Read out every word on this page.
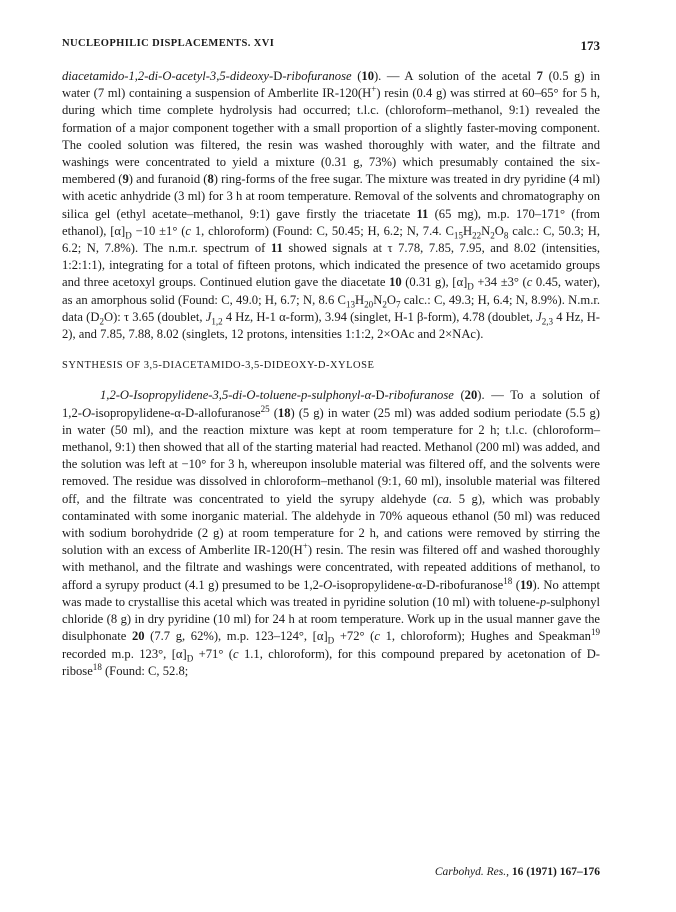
NUCLEOPHILIC DISPLACEMENTS. XVI	173

diacetamido-1,2-di-O-acetyl-3,5-dideoxy-D-ribofuranose (10). — A solution of the acetal 7 (0.5 g) in water (7 ml) containing a suspension of Amberlite IR-120(H+) resin (0.4 g) was stirred at 60–65° for 5 h, during which time complete hydrolysis had occurred; t.l.c. (chloroform–methanol, 9:1) revealed the formation of a major component together with a small proportion of a slightly faster-moving component. The cooled solution was filtered, the resin was washed thoroughly with water, and the filtrate and washings were concentrated to yield a mixture (0.31 g, 73%) which presumably contained the six-membered (9) and furanoid (8) ring-forms of the free sugar. The mixture was treated in dry pyridine (4 ml) with acetic anhydride (3 ml) for 3 h at room temperature. Removal of the solvents and chromatography on silica gel (ethyl acetate–methanol, 9:1) gave firstly the triacetate 11 (65 mg), m.p. 170–171° (from ethanol), $[\alpha]_D -10 \pm 1^\circ$ (c 1, chloroform) (Found: C, 50.45; H, 6.2; N, 7.4. $C_{15}H_{22}N_2O_8$ calc.: C, 50.3; H, 6.2; N, 7.8%). The n.m.r. spectrum of 11 showed signals at τ 7.78, 7.85, 7.95, and 8.02 (intensities, 1:2:1:1), integrating for a total of fifteen protons, which indicated the presence of two acetamido groups and three acetoxyl groups. Continued elution gave the diacetate 10 (0.31 g), $[\alpha]_D +34 \pm 3^\circ$ (c 0.45, water), as an amorphous solid (Found: C, 49.0; H, 6.7; N, 8.6 $C_{13}H_{20}N_2O_7$ calc.: C, 49.3; H, 6.4; N, 8.9%). N.m.r. data $(D_2O)$: τ 3.65 (doublet, $J_{1,2}$ 4 Hz, H-1 α-form), 3.94 (singlet, H-1 β-form), 4.78 (doublet, $J_{2,3}$ 4 Hz, H-2), and 7.85, 7.88, 8.02 (singlets, 12 protons, intensities 1:1:2, 2×OAc and 2×NAc).

SYNTHESIS OF 3,5-DIACETAMIDO-3,5-DIDEOXY-D-XYLOSE

1,2-O-Isopropylidene-3,5-di-O-toluene-p-sulphonyl-α-D-ribofuranose (20). — To a solution of 1,2-O-isopropylidene-α-D-allofuranose$^{25}$ (18) (5 g) in water (25 ml) was added sodium periodate (5.5 g) in water (50 ml), and the reaction mixture was kept at room temperature for 2 h; t.l.c. (chloroform–methanol, 9:1) then showed that all of the starting material had reacted. Methanol (200 ml) was added, and the solution was left at −10° for 3 h, whereupon insoluble material was filtered off, and the solvents were removed. The residue was dissolved in chloroform–methanol (9:1, 60 ml), insoluble material was filtered off, and the filtrate was concentrated to yield the syrupy aldehyde (ca. 5 g), which was probably contaminated with some inorganic material. The aldehyde in 70% aqueous ethanol (50 ml) was reduced with sodium borohydride (2 g) at room temperature for 2 h, and cations were removed by stirring the solution with an excess of Amberlite IR-120(H+) resin. The resin was filtered off and washed thoroughly with methanol, and the filtrate and washings were concentrated, with repeated additions of methanol, to afford a syrupy product (4.1 g) presumed to be 1,2-O-isopropylidene-α-D-ribofuranose$^{18}$ (19). No attempt was made to crystallise this acetal which was treated in pyridine solution (10 ml) with toluene-p-sulphonyl chloride (8 g) in dry pyridine (10 ml) for 24 h at room temperature. Work up in the usual manner gave the disulphonate 20 (7.7 g, 62%), m.p. 123–124°, $[\alpha]_D +72^\circ$ (c 1, chloroform); Hughes and Speakman$^{19}$ recorded m.p. 123°, $[\alpha]_D +71^\circ$ (c 1.1, chloroform), for this compound prepared by acetonation of D-ribose$^{18}$ (Found: C, 52.8;

Carbohyd. Res., 16 (1971) 167–176
